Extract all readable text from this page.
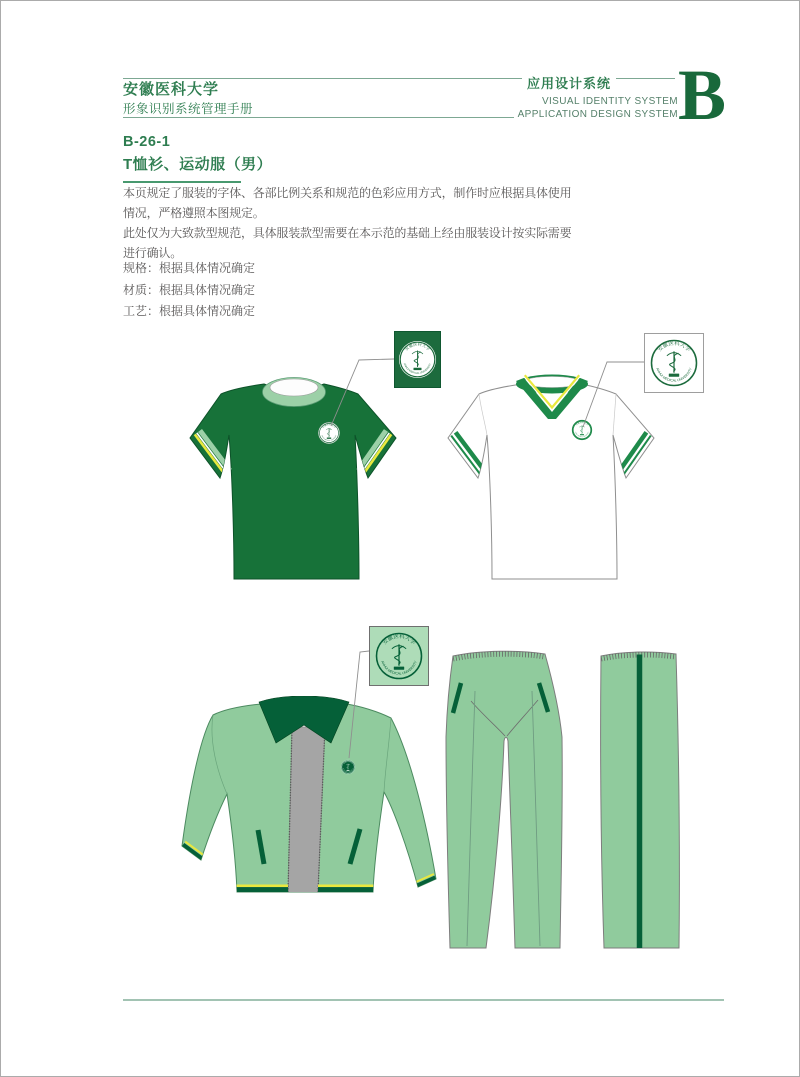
安徽医科大学
形象识别系统管理手册
应用设计系统
VISUAL IDENTITY SYSTEM
APPLICATION DESIGN SYSTEM B
B-26-1
T恤衫、运动服（男）
本页规定了服装的字体、各部比例关系和规范的色彩应用方式，制作时应根据具体使用
情况，严格遵照本图规定。
此处仅为大致款型规范，具体服装款型需要在本示范的基础上经由服装设计按实际需要
进行确认。
规格：根据具体情况确定
材质：根据具体情况确定
工艺：根据具体情况确定
